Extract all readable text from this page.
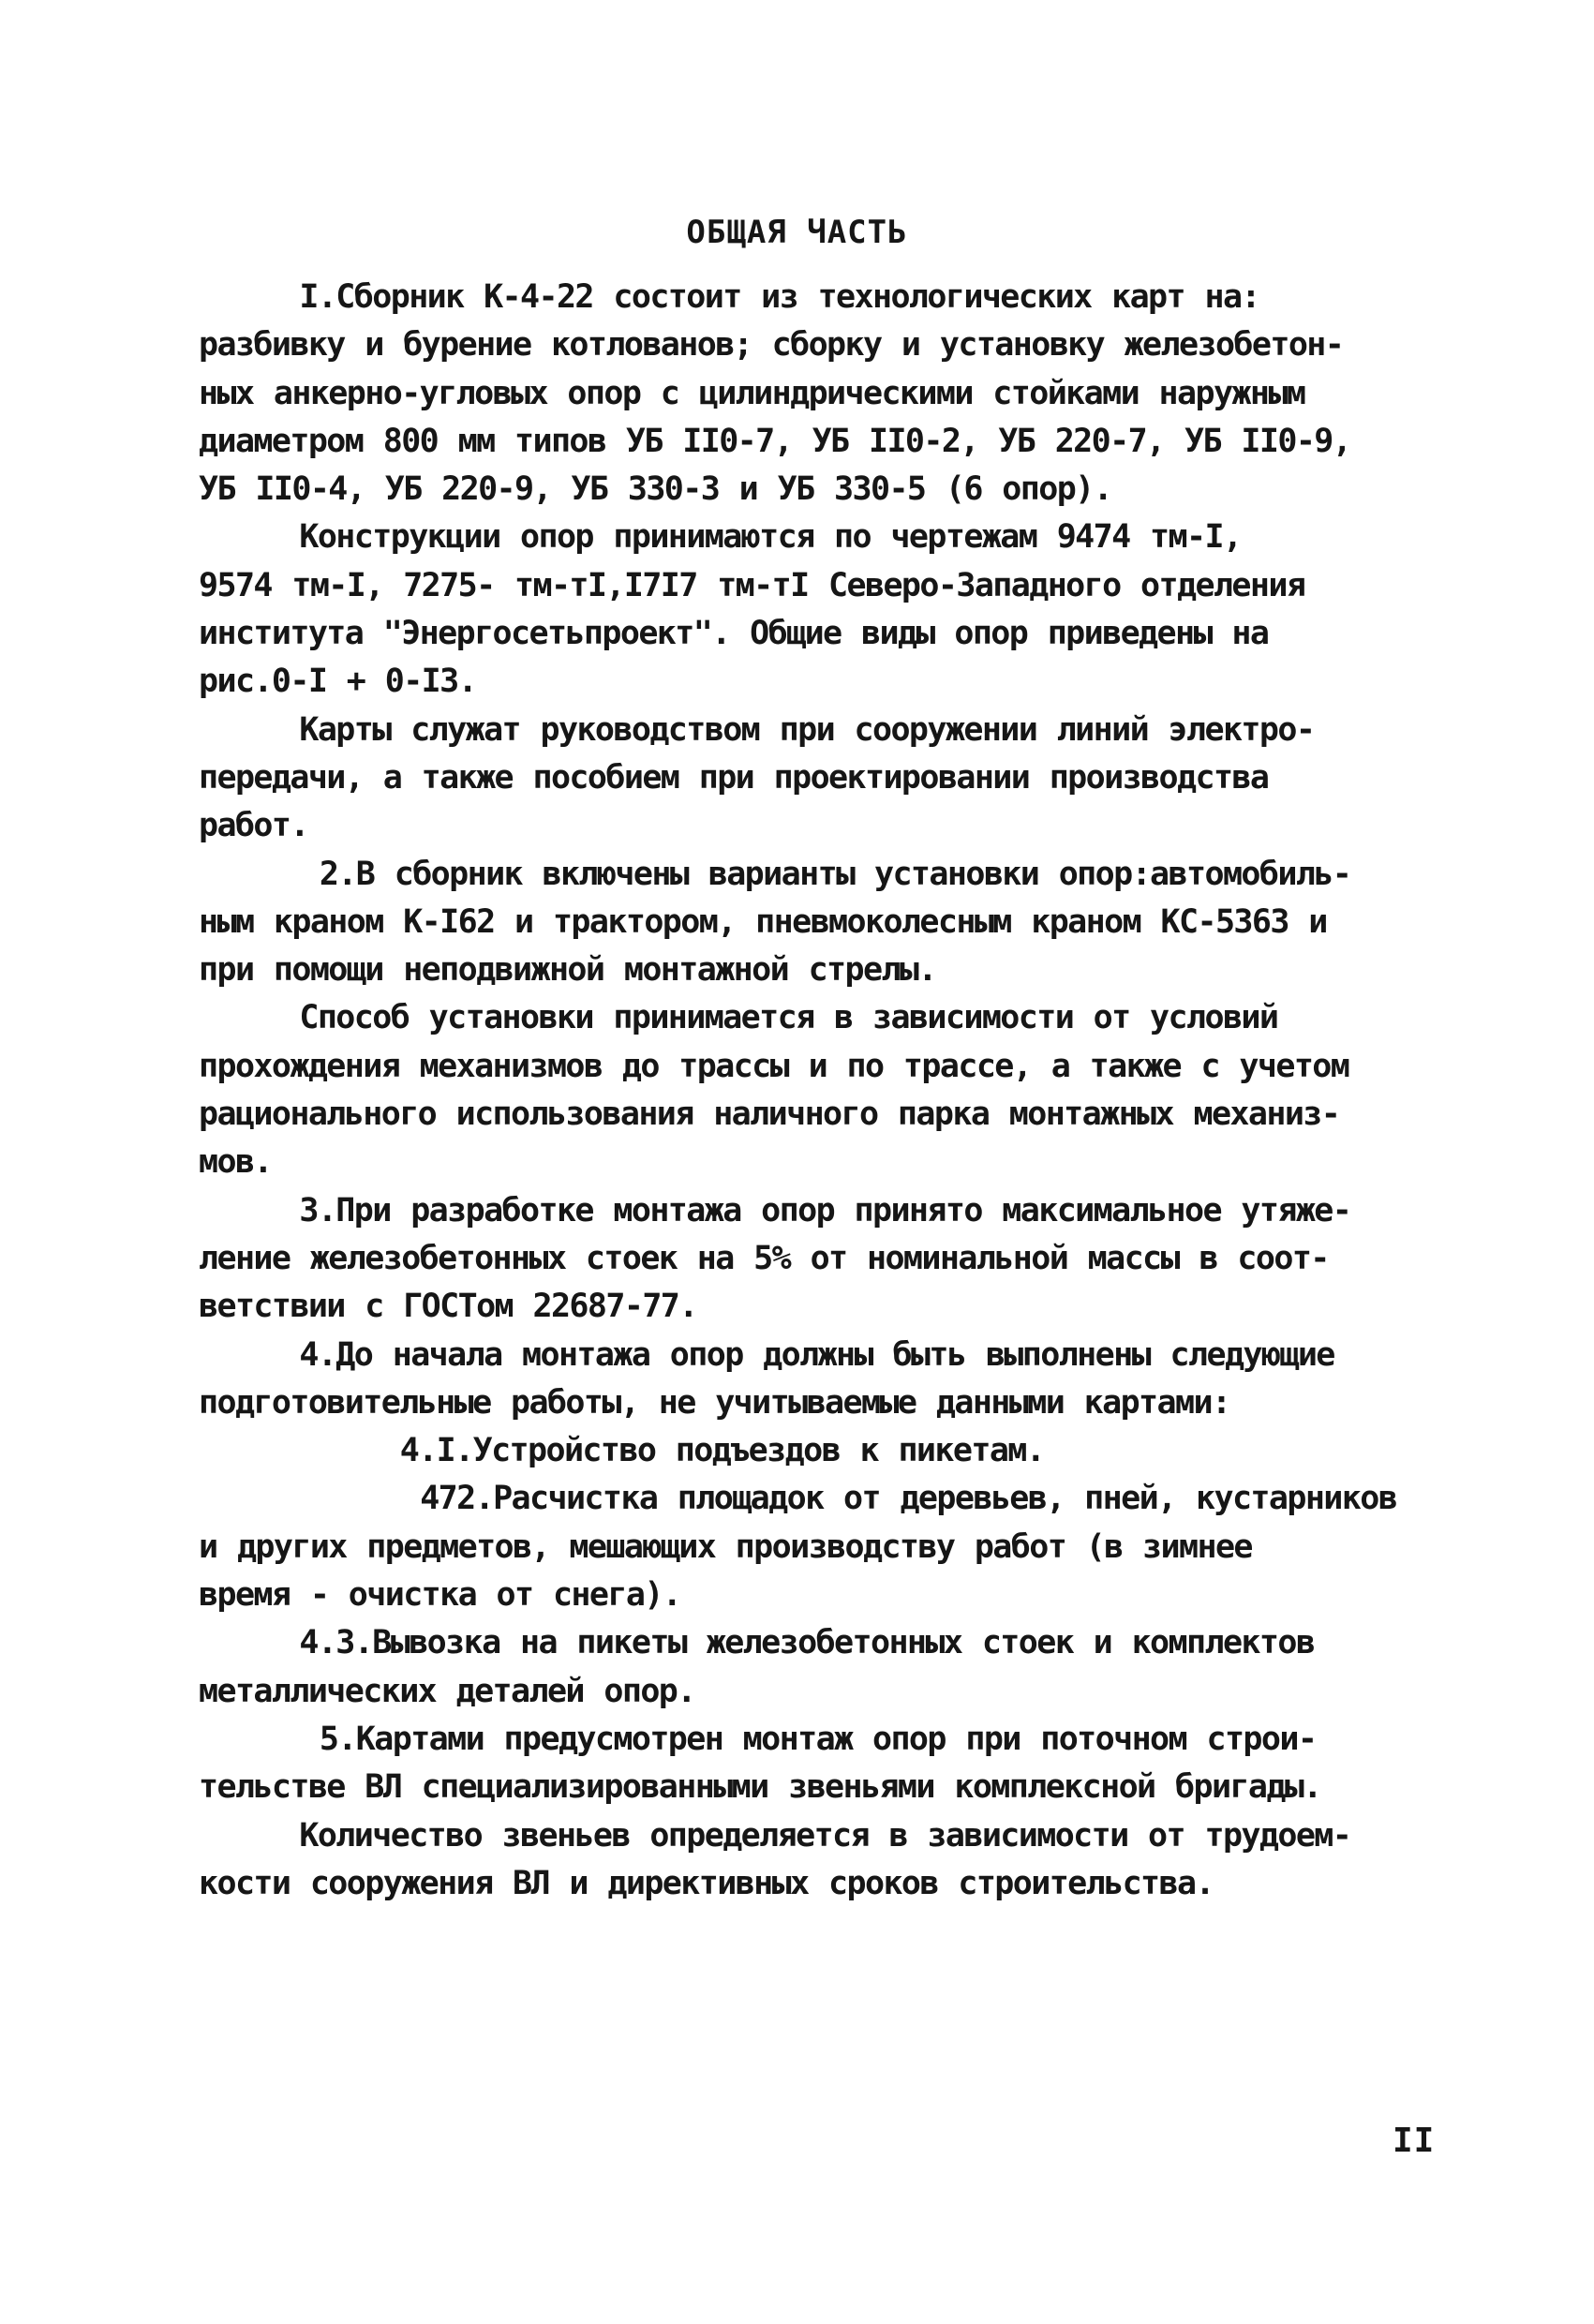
ОБЩАЯ ЧАСТЬ
I.Сборник К-4-22 состоит из технологических карт на:
разбивку и бурение котлованов; сборку и установку железобетон-
ных анкерно-угловых опор с цилиндрическими стойками наружным
диаметром 800 мм типов УБ II0-7, УБ II0-2, УБ 220-7, УБ II0-9,
УБ II0-4, УБ 220-9, УБ 330-3 и УБ 330-5 (6 опор).
Конструкции опор принимаются по чертежам 9474 тм-I,
9574 тм-I, 7275- тм-тI,I7I7 тм-тI Северо-Западного отделения
института "Энергосетьпроект". Общие виды опор приведены на
рис.0-I + 0-I3.
Карты служат руководством при сооружении линий электро-
передачи, а также пособием при проектировании производства
работ.
2.В сборник включены варианты установки опор:автомобиль-
ным краном К-I62 и трактором, пневмоколесным краном КС-5363 и
при помощи неподвижной монтажной стрелы.
Способ установки принимается в зависимости от условий
прохождения механизмов до трассы и по трассе, а также с учетом
рационального использования наличного парка монтажных механиз-
мов.
3.При разработке монтажа опор принято максимальное утяже-
ление железобетонных стоек на 5% от номинальной массы в соот-
ветствии с ГОСТом 22687-77.
4.До начала монтажа опор должны быть выполнены следующие
подготовительные работы, не учитываемые данными картами:
4.I.Устройство подъездов к пикетам.
472.Расчистка площадок от деревьев, пней, кустарников
и других предметов, мешающих производству работ (в зимнее
время - очистка от снега).
4.3.Вывозка на пикеты железобетонных стоек и комплектов
металлических деталей опор.
5.Картами предусмотрен монтаж опор при поточном строи-
тельстве ВЛ специализированными звеньями комплексной бригады.
Количество звеньев определяется в зависимости от трудоем-
кости сооружения ВЛ и директивных сроков строительства.
II
